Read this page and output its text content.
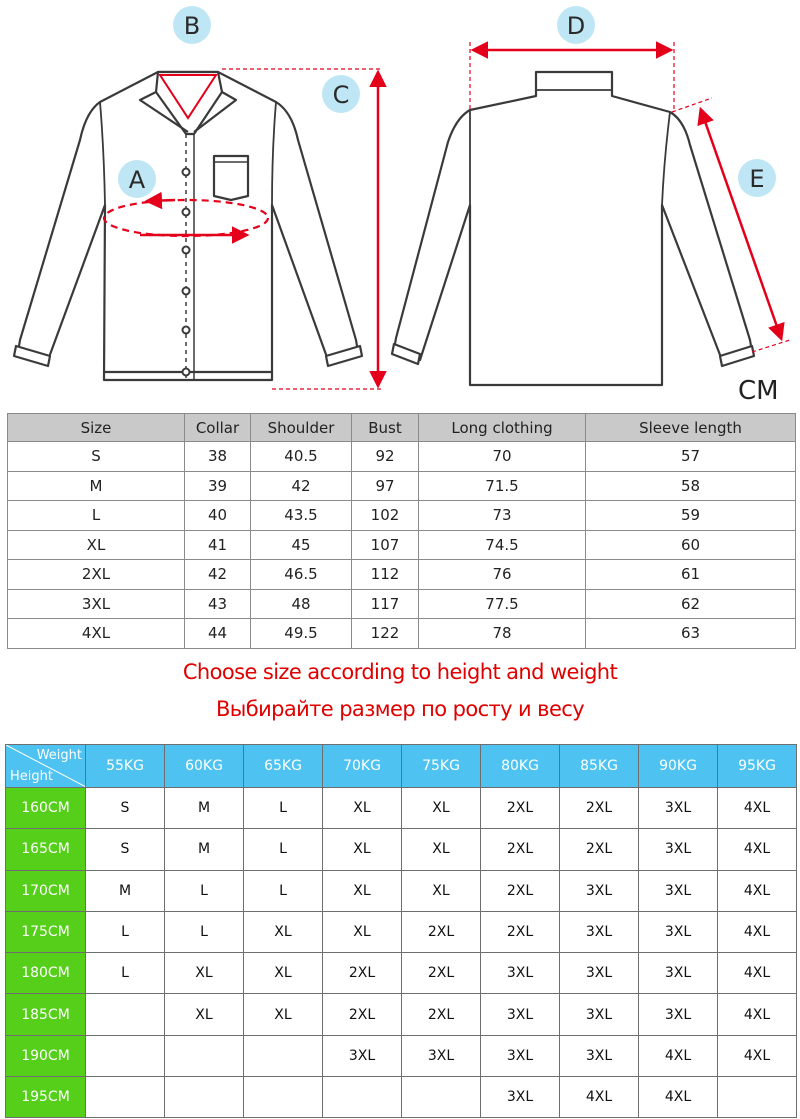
A
B
C
D
E
CM
Size	Collar	Shoulder	Bust	Long clothing	Sleeve length
S	38	40.5	92	70	57
M	39	42	97	71.5	58
L	40	43.5	102	73	59
XL	41	45	107	74.5	60
2XL	42	46.5	112	76	61
3XL	43	48	117	77.5	62
4XL	44	49.5	122	78	63
Choose size according to height and weight
Выбирайте размер по росту и весу
Weight
Height	55KG	60KG	65KG	70KG	75KG	80KG	85KG	90KG	95KG
160CM	S	M	L	XL	XL	2XL	2XL	3XL	4XL
165CM	S	M	L	XL	XL	2XL	2XL	3XL	4XL
170CM	M	L	L	XL	XL	2XL	3XL	3XL	4XL
175CM	L	L	XL	XL	2XL	2XL	3XL	3XL	4XL
180CM	L	XL	XL	2XL	2XL	3XL	3XL	3XL	4XL
185CM		XL	XL	2XL	2XL	3XL	3XL	3XL	4XL
190CM				3XL	3XL	3XL	3XL	4XL	4XL
195CM						3XL	4XL	4XL	
